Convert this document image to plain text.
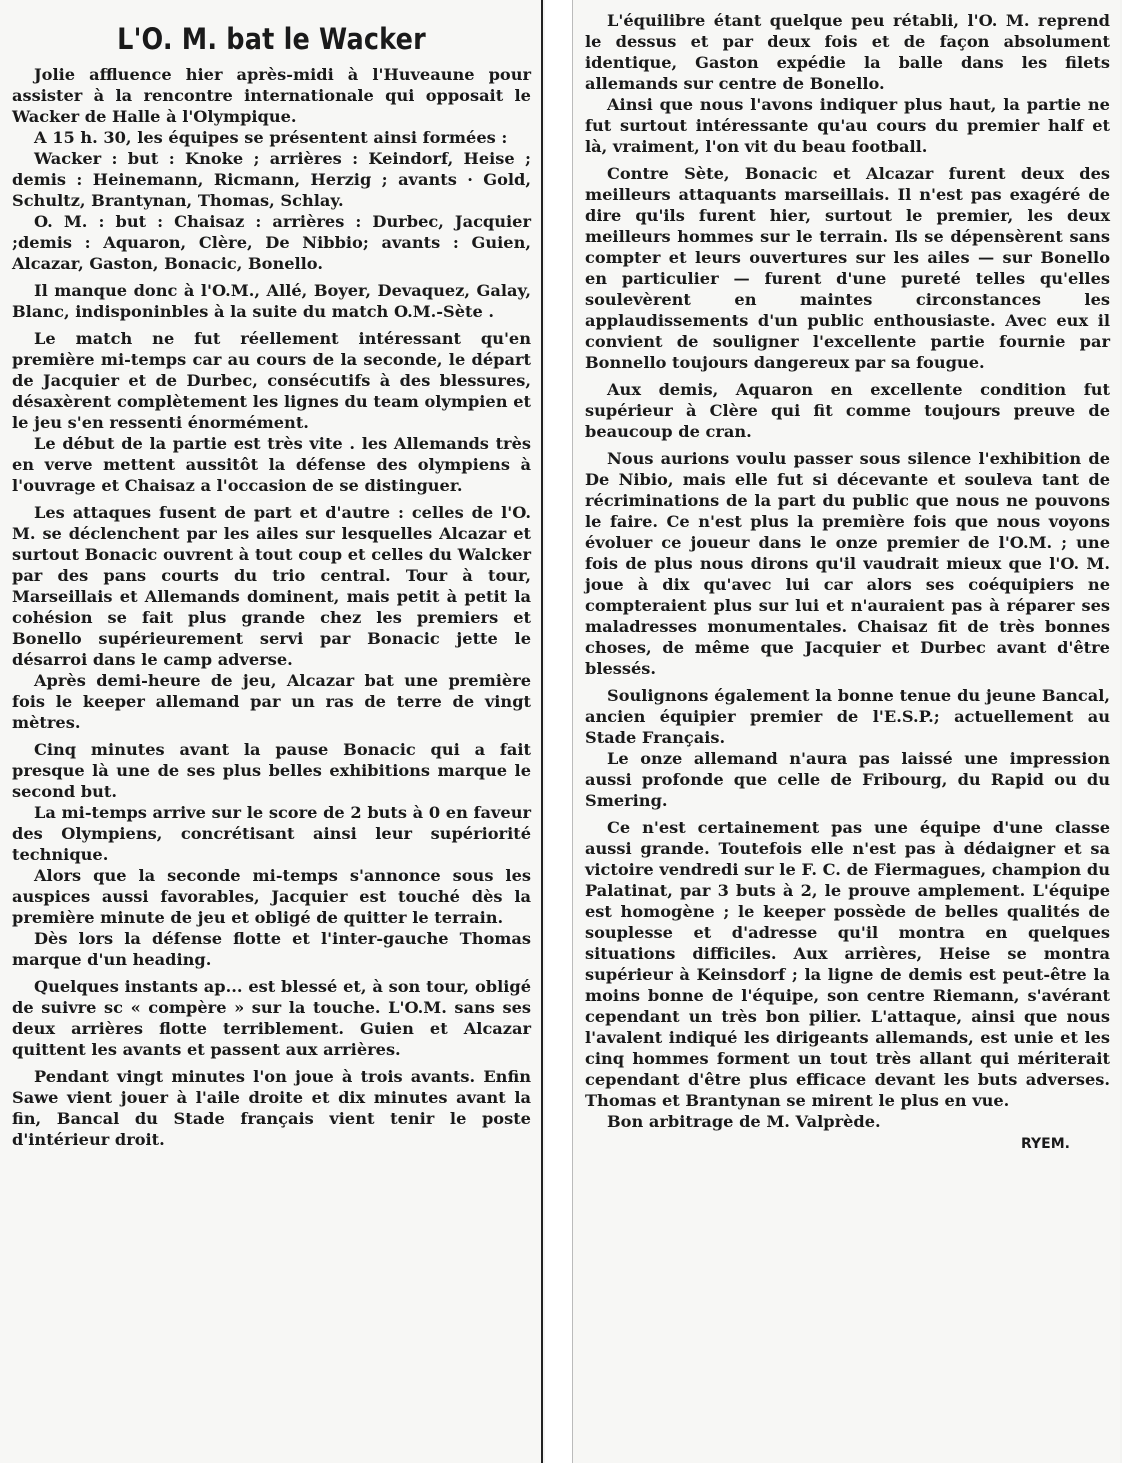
L'O. M. bat le Wacker

Jolie affluence hier après-midi à l'Huveaune pour assister à la rencontre internationale qui opposait le Wacker de Halle à l'Olympique.

A 15 h. 30, les équipes se présentent ainsi formées :

Wacker : but : Knoke ; arrières : Keindorf, Heise ; demis : Heinemann, Ricmann, Herzig ; avants · Gold, Schultz, Brantynan, Thomas, Schlay.

O. M. : but : Chaisaz : arrières : Durbec, Jacquier ;demis : Aquaron, Clère, De Nibbio; avants : Guien, Alcazar, Gaston, Bonacic, Bonello.

Il manque donc à l'O.M., Allé, Boyer, Devaquez, Galay, Blanc, indisponinbles à la suite du match O.M.-Sète .

Le match ne fut réellement intéressant qu'en première mi-temps car au cours de la seconde, le départ de Jacquier et de Durbec, consécutifs à des blessures, désaxèrent complètement les lignes du team olympien et le jeu s'en ressenti énormément.

Le début de la partie est très vite . les Allemands très en verve mettent aussitôt la défense des olympiens à l'ouvrage et Chaisaz a l'occasion de se distinguer.

Les attaques fusent de part et d'autre : celles de l'O. M. se déclenchent par les ailes sur lesquelles Alcazar et surtout Bonacic ouvrent à tout coup et celles du Walcker par des pans courts du trio central. Tour à tour, Marseillais et Allemands dominent, mais petit à petit la cohésion se fait plus grande chez les premiers et Bonello supérieurement servi par Bonacic jette le désarroi dans le camp adverse.

Après demi-heure de jeu, Alcazar bat une première fois le keeper allemand par un ras de terre de vingt mètres.

Cinq minutes avant la pause Bonacic qui a fait presque là une de ses plus belles exhibitions marque le second but.

La mi-temps arrive sur le score de 2 buts à 0 en faveur des Olympiens, concrétisant ainsi leur supériorité technique.

Alors que la seconde mi-temps s'annonce sous les auspices aussi favorables, Jacquier est touché dès la première minute de jeu et obligé de quitter le terrain.

Dès lors la défense flotte et l'inter-gauche Thomas marque d'un heading.

Quelques instants ap... est blessé et, à son tour, obligé de suivre sc « compère » sur la touche. L'O.M. sans ses deux arrières flotte terriblement. Guien et Alcazar quittent les avants et passent aux arrières.

Pendant vingt minutes l'on joue à trois avants. Enfin Sawe vient jouer à l'aile droite et dix minutes avant la fin, Bancal du Stade français vient tenir le poste d'intérieur droit.

L'équilibre étant quelque peu rétabli, l'O. M. reprend le dessus et par deux fois et de façon absolument identique, Gaston expédie la balle dans les filets allemands sur centre de Bonello.

Ainsi que nous l'avons indiquer plus haut, la partie ne fut surtout intéressante qu'au cours du premier half et là, vraiment, l'on vit du beau football.

Contre Sète, Bonacic et Alcazar furent deux des meilleurs attaquants marseillais. Il n'est pas exagéré de dire qu'ils furent hier, surtout le premier, les deux meilleurs hommes sur le terrain. Ils se dépensèrent sans compter et leurs ouvertures sur les ailes — sur Bonello en particulier — furent d'une pureté telles qu'elles soulevèrent en maintes circonstances les applaudissements d'un public enthousiaste. Avec eux il convient de souligner l'excellente partie fournie par Bonnello toujours dangereux par sa fougue.

Aux demis, Aquaron en excellente condition fut supérieur à Clère qui fit comme toujours preuve de beaucoup de cran.

Nous aurions voulu passer sous silence l'exhibition de De Nibio, mais elle fut si décevante et souleva tant de récriminations de la part du public que nous ne pouvons le faire. Ce n'est plus la première fois que nous voyons évoluer ce joueur dans le onze premier de l'O.M. ; une fois de plus nous dirons qu'il vaudrait mieux que l'O. M. joue à dix qu'avec lui car alors ses coéquipiers ne compteraient plus sur lui et n'auraient pas à réparer ses maladresses monumentales. Chaisaz fit de très bonnes choses, de même que Jacquier et Durbec avant d'être blessés.

Soulignons également la bonne tenue du jeune Bancal, ancien équipier premier de l'E.S.P.; actuellement au Stade Français.

Le onze allemand n'aura pas laissé une impression aussi profonde que celle de Fribourg, du Rapid ou du Smering.

Ce n'est certainement pas une équipe d'une classe aussi grande. Toutefois elle n'est pas à dédaigner et sa victoire vendredi sur le F. C. de Fiermagues, champion du Palatinat, par 3 buts à 2, le prouve amplement. L'équipe est homogène ; le keeper possède de belles qualités de souplesse et d'adresse qu'il montra en quelques situations difficiles. Aux arrières, Heise se montra supérieur à Keinsdorf ; la ligne de demis est peut-être la moins bonne de l'équipe, son centre Riemann, s'avérant cependant un très bon pilier. L'attaque, ainsi que nous l'avalent indiqué les dirigeants allemands, est unie et les cinq hommes forment un tout très allant qui mériterait cependant d'être plus efficace devant les buts adverses. Thomas et Brantynan se mirent le plus en vue.

Bon arbitrage de M. Valprède.

RYEM.
